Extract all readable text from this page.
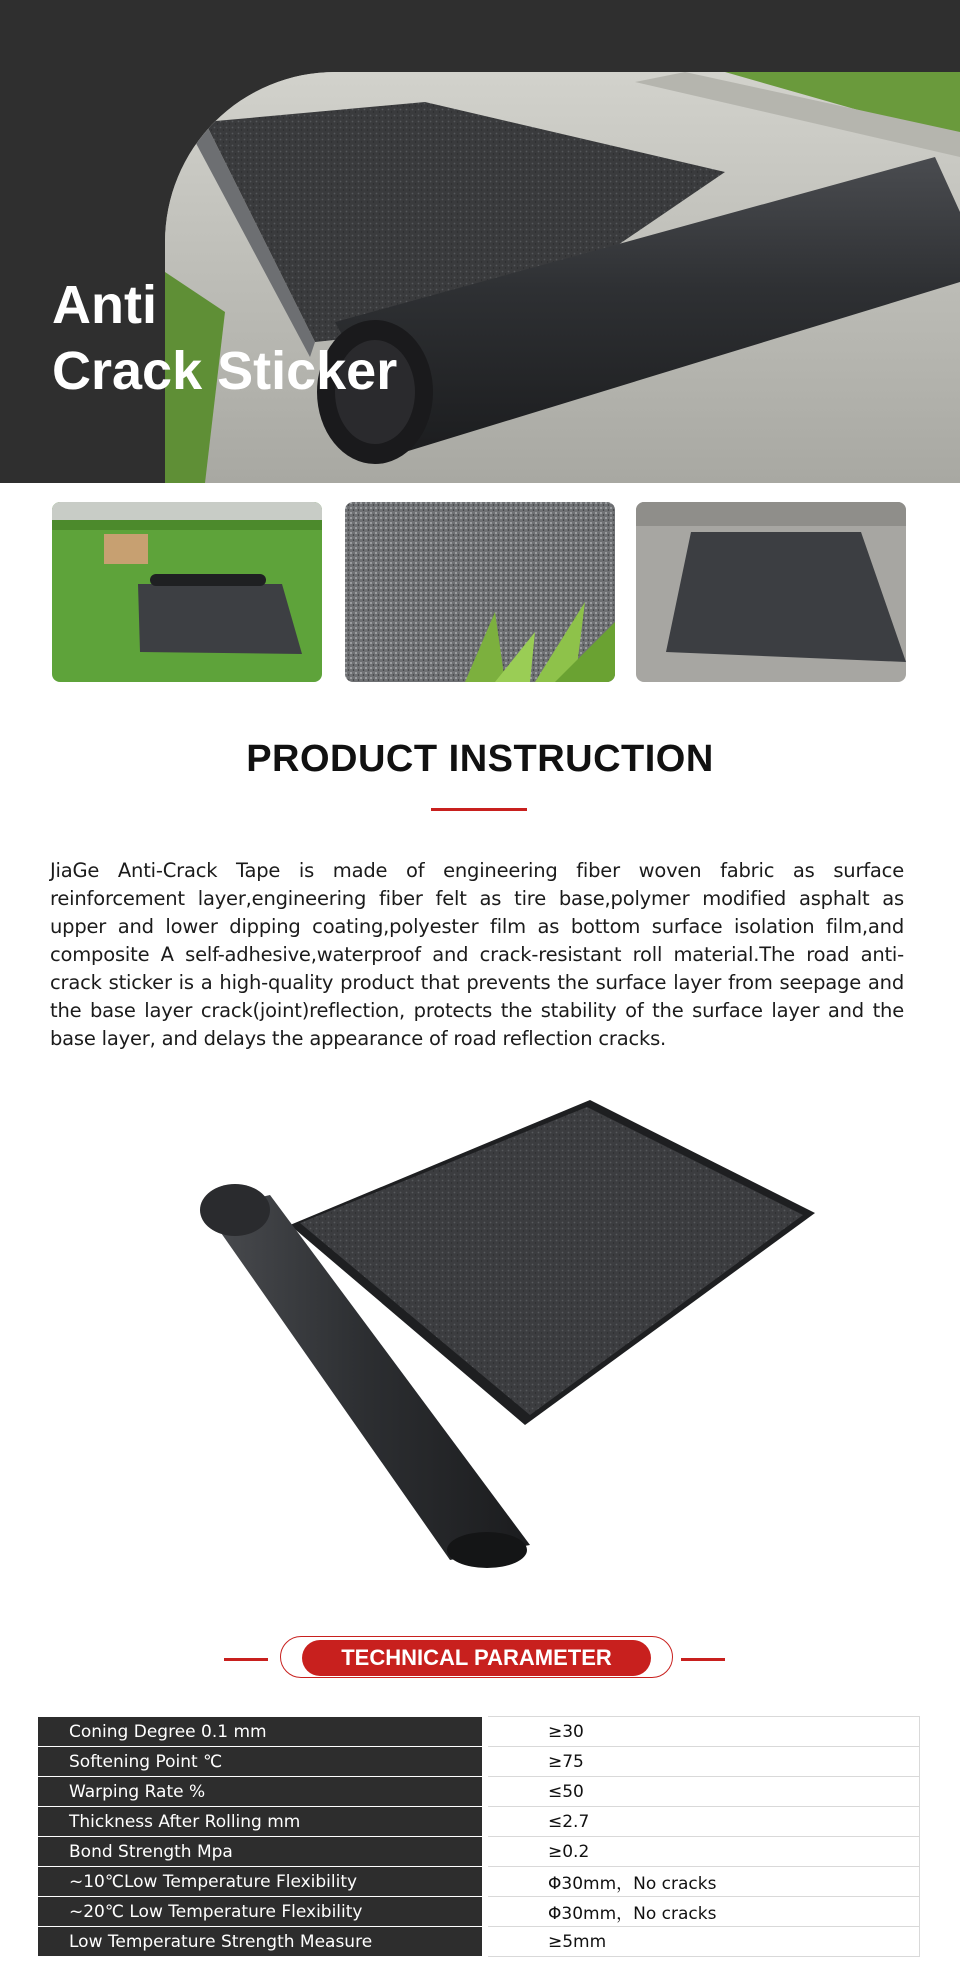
Anti
Crack Sticker
PRODUCT INSTRUCTION

JiaGe Anti-Crack Tape is made of engineering fiber woven fabric as surface reinforcement layer,engineering fiber felt as tire base,polymer modified asphalt as upper and lower dipping coating,polyester film as bottom surface isolation film,and composite A self-adhesive,waterproof and crack-resistant roll material.The road anti-crack sticker is a high-quality product that prevents the surface layer from seepage and the base layer crack(joint)reflection, protects the stability of the surface layer and the base layer, and delays the appearance of road reflection cracks.

TECHNICAL PARAMETER
Coning Degree 0.1 mm		≥30
Softening Point ℃		≥75
Warping Rate %		≤50
Thickness After Rolling mm		≤2.7
Bond Strength Mpa		≥0.2
~10℃Low Temperature Flexibility		Φ30mm，No cracks
~20℃ Low Temperature Flexibility		Φ30mm，No cracks
Low Temperature Strength Measure		≥5mm
